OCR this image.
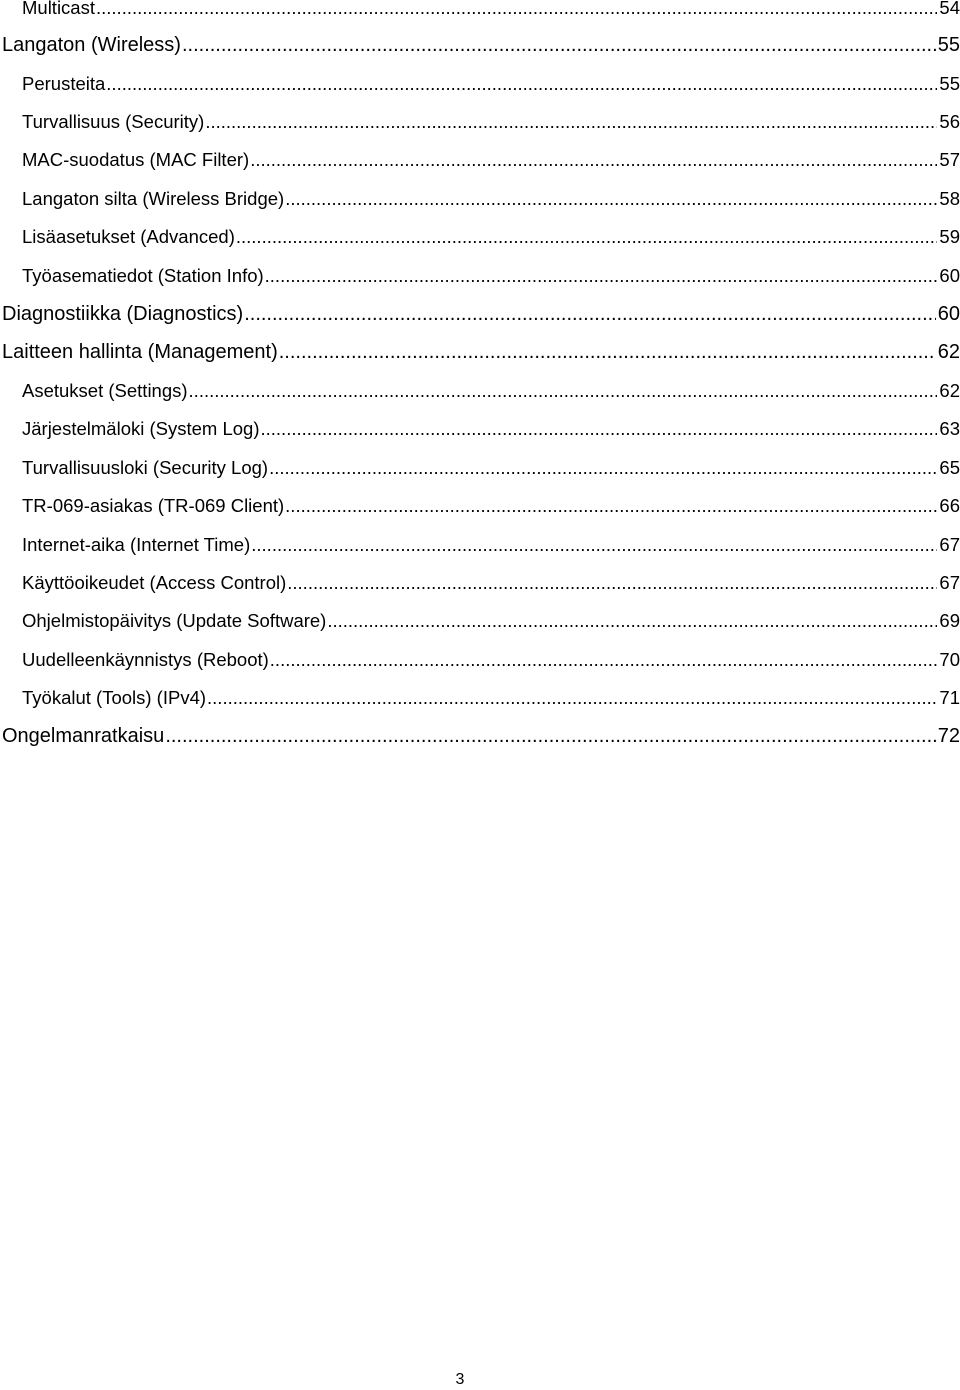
Multicast .....	54
Langaton (Wireless) .....	55
Perusteita .....	55
Turvallisuus (Security) .....	56
MAC-suodatus (MAC Filter) .....	57
Langaton silta (Wireless Bridge) .....	58
Lisäasetukset (Advanced) .....	59
Työasematiedot (Station Info) .....	60
Diagnostiikka (Diagnostics) .....	60
Laitteen hallinta (Management) .....	62
Asetukset (Settings) .....	62
Järjestelmäloki (System Log) .....	63
Turvallisuusloki (Security Log) .....	65
TR-069-asiakas (TR-069 Client) .....	66
Internet-aika (Internet Time) .....	67
Käyttöoikeudet (Access Control) .....	67
Ohjelmistopäivitys (Update Software) .....	69
Uudelleenkäynnistys (Reboot) .....	70
Työkalut (Tools) (IPv4) .....	71
Ongelmanratkaisu .....	72
3
